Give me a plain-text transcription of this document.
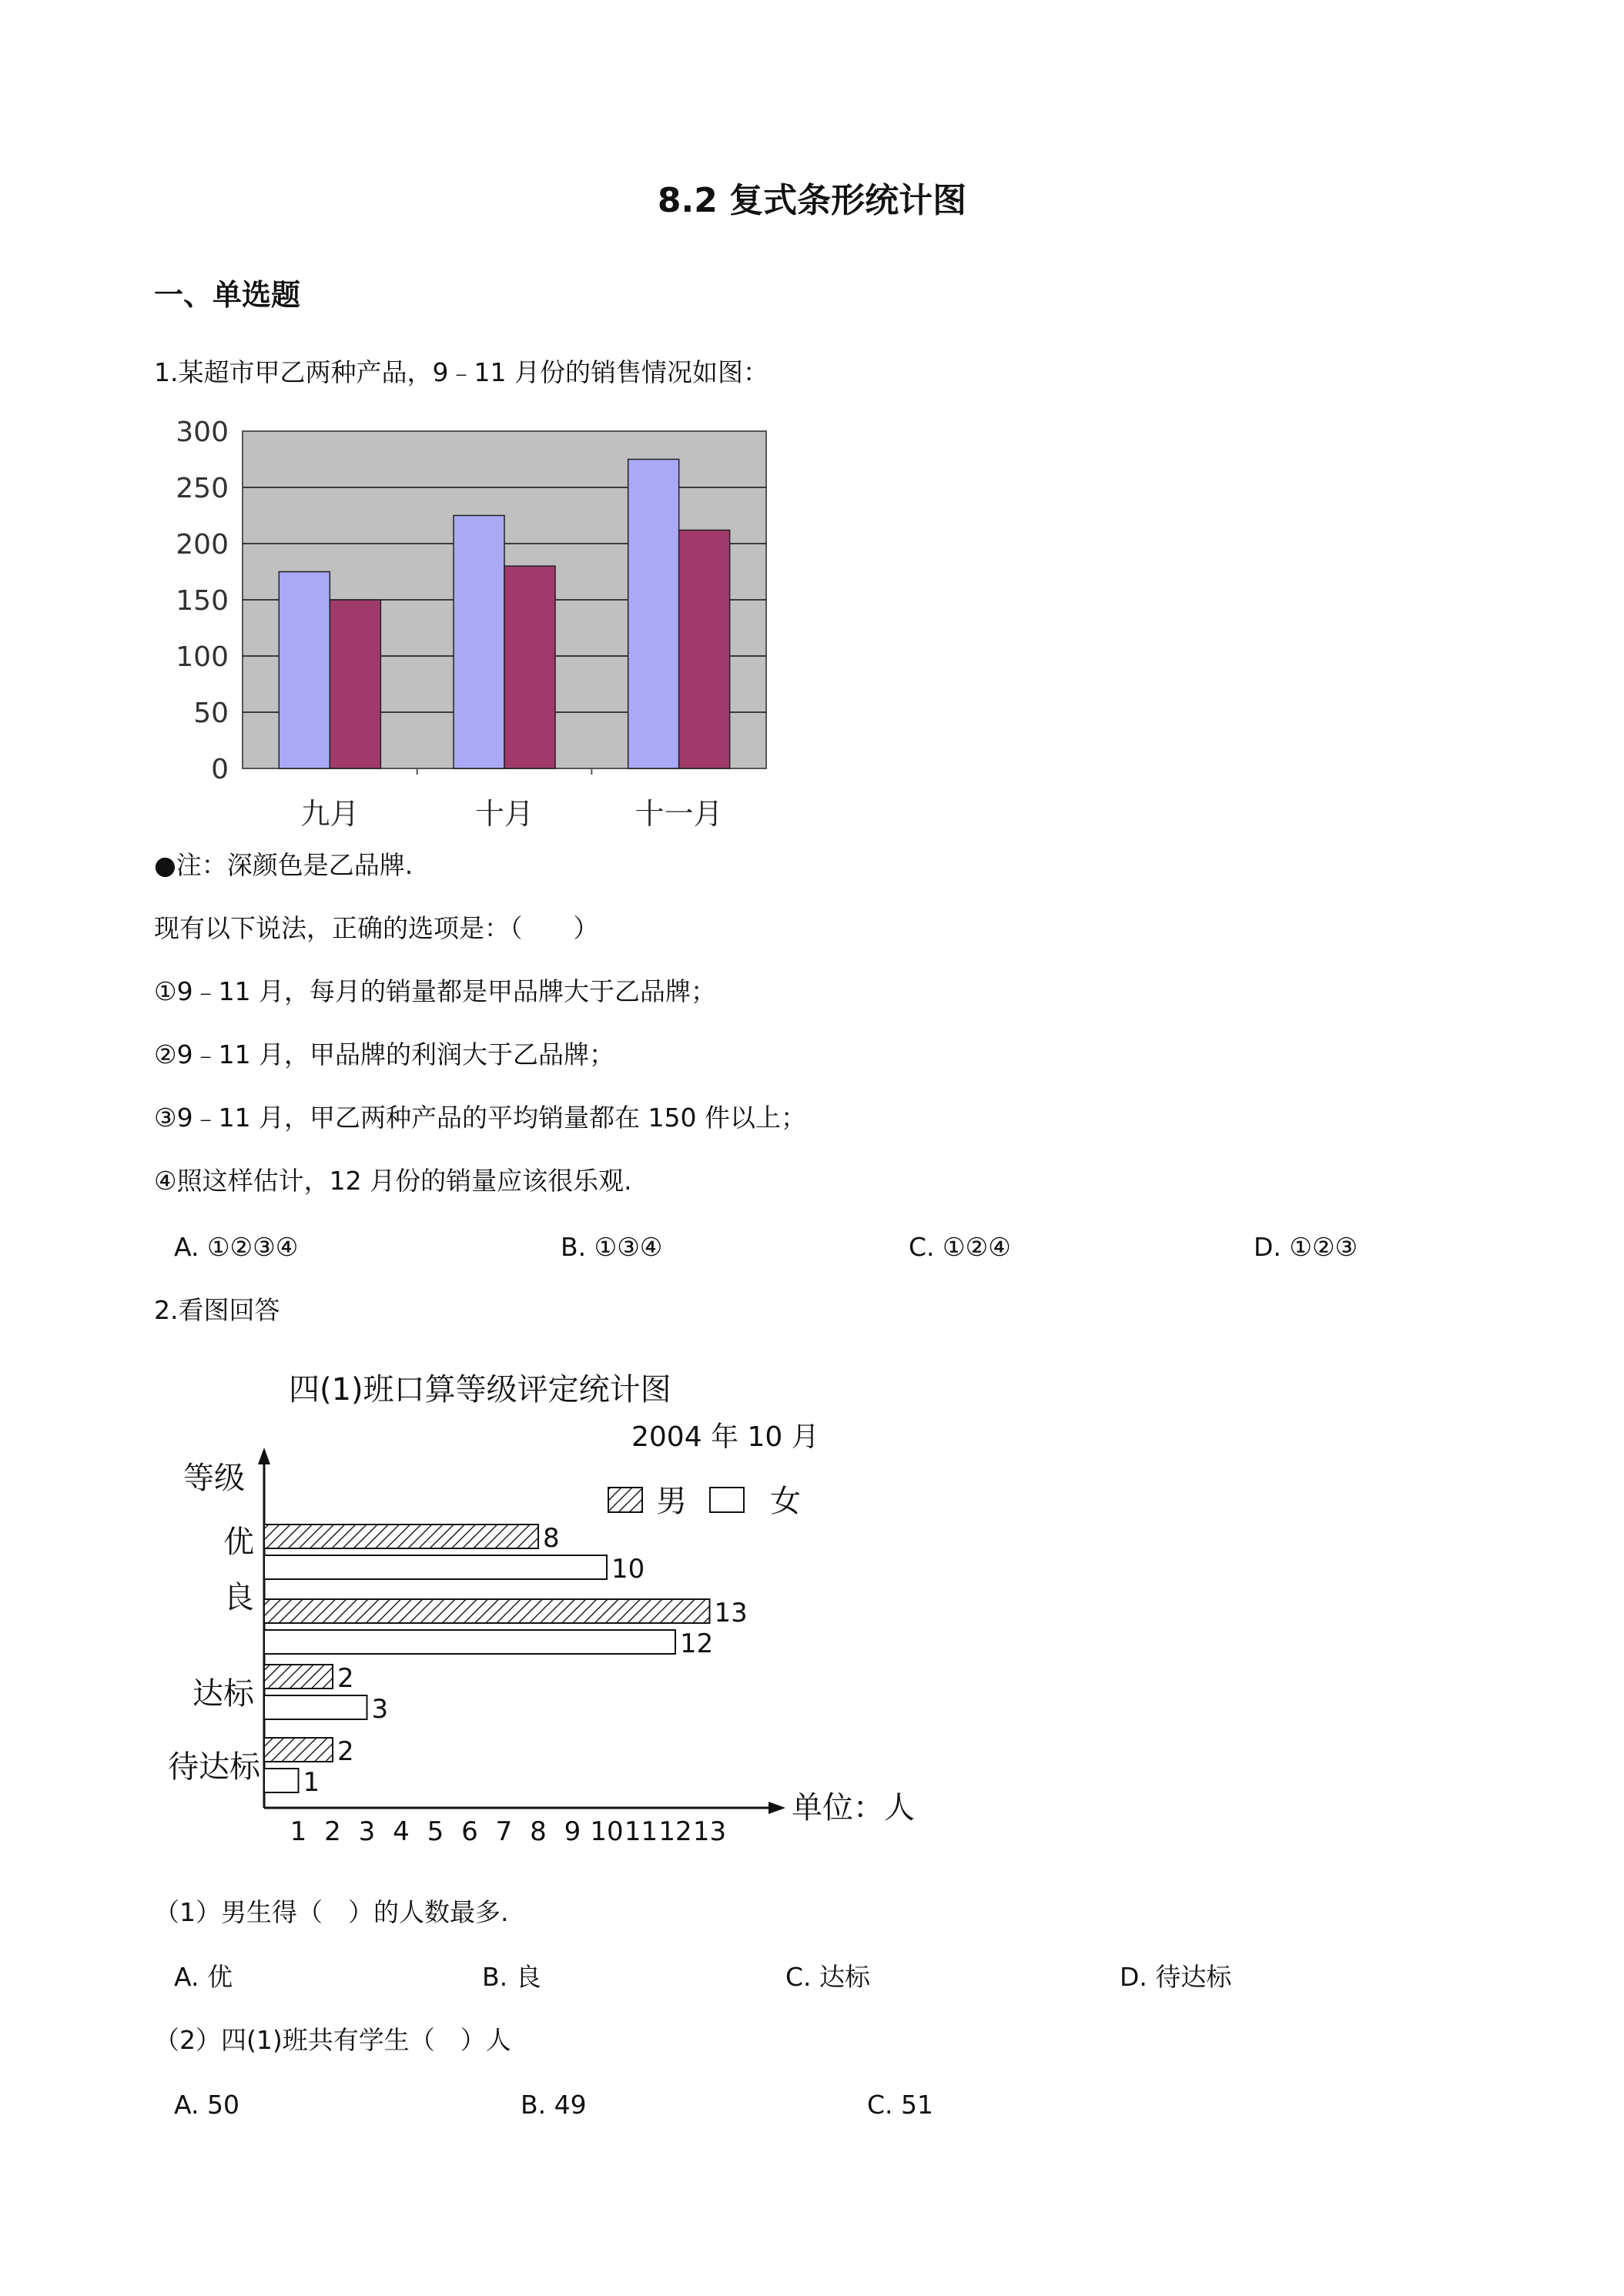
8.2 复式条形统计图
一、单选题
1.某超市甲乙两种产品，9﹣11 月份的销售情况如图：
0
50
100
150
200
250
300
九月	十月	十一月
●注：深颜色是乙品牌.
现有以下说法，正确的选项是：（　　）
①9﹣11 月，每月的销量都是甲品牌大于乙品牌；
②9﹣11 月，甲品牌的利润大于乙品牌；
③9﹣11 月，甲乙两种产品的平均销量都在 150 件以上；
④照这样估计，12 月份的销量应该很乐观.
A. ①②③④	B. ①③④	C. ①②④	D. ①②③
2.看图回答
四(1)班口算等级评定统计图
2004 年 10 月
等级
男	女
单位：人
1 2 3 4 5 6 7 8 9 10 11 12 13
优
良
达标
待达标
8
10
13
12
2
3
2
1
（1）男生得（　）的人数最多.
A. 优	B. 良	C. 达标	D. 待达标
（2）四(1)班共有学生（　）人
A. 50	B. 49	C. 51
